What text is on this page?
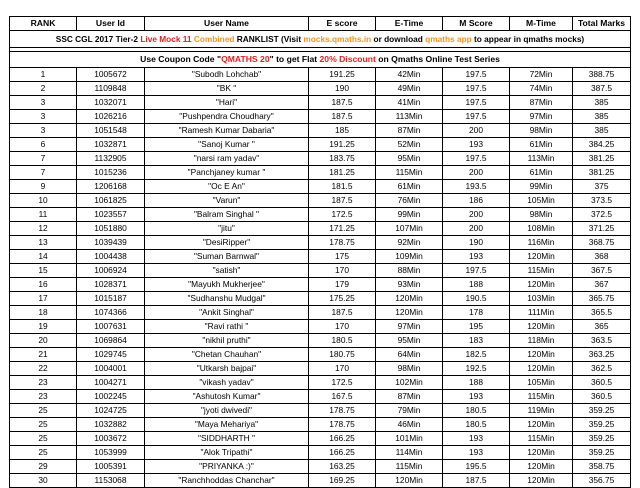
RANK	User Id	User Name	E score	E-Time	M Score	M-Time	Total Marks
SSC CGL 2017 Tier-2 Live Mock 11 Combined RANKLIST (Visit mocks.qmaths.in or download qmaths app to appear in qmaths mocks)							

Use Coupon Code "QMATHS 20" to get Flat 20% Discount on Qmaths Online Test Series							
1	1005672	"Subodh Lohchab"	191.25	42Min	197.5	72Min	388.75
2	1109848	"BK "	190	49Min	197.5	74Min	387.5
3	1032071	"Hari"	187.5	41Min	197.5	87Min	385
3	1026216	"Pushpendra Choudhary"	187.5	113Min	197.5	97Min	385
3	1051548	"Ramesh Kumar Dabaria"	185	87Min	200	98Min	385
6	1032871	"Sanoj Kumar "	191.25	52Min	193	61Min	384.25
7	1132905	"narsi ram yadav"	183.75	95Min	197.5	113Min	381.25
7	1015236	"Panchjaney kumar "	181.25	115Min	200	61Min	381.25
9	1206168	"Oc E An"	181.5	61Min	193.5	99Min	375
10	1061825	"Varun"	187.5	76Min	186	105Min	373.5
11	1023557	"Balram Singhal "	172.5	99Min	200	98Min	372.5
12	1051880	"jitu"	171.25	107Min	200	108Min	371.25
13	1039439	"DesiRipper"	178.75	92Min	190	116Min	368.75
14	1004438	"Suman Barnwal"	175	109Min	193	120Min	368
15	1006924	"satish"	170	88Min	197.5	115Min	367.5
16	1028371	"Mayukh Mukherjee"	179	93Min	188	120Min	367
17	1015187	"Sudhanshu Mudgal"	175.25	120Min	190.5	103Min	365.75
18	1074366	"Ankit Singhal"	187.5	120Min	178	111Min	365.5
19	1007631	"Ravi rathi "	170	97Min	195	120Min	365
20	1069864	"nikhil pruthi"	180.5	95Min	183	118Min	363.5
21	1029745	"Chetan Chauhan"	180.75	64Min	182.5	120Min	363.25
22	1004001	"Utkarsh bajpai"	170	98Min	192.5	120Min	362.5
23	1004271	"vikash yadav"	172.5	102Min	188	105Min	360.5
23	1002245	"Ashutosh Kumar"	167.5	87Min	193	115Min	360.5
25	1024725	"jyoti dwivedi"	178.75	79Min	180.5	119Min	359.25
25	1032882	"Maya Mehariya"	178.75	46Min	180.5	120Min	359.25
25	1003672	"SIDDHARTH "	166.25	101Min	193	115Min	359.25
25	1053999	"Alok Tripathi"	166.25	114Min	193	120Min	359.25
29	1005391	"PRIYANKA :)"	163.25	115Min	195.5	120Min	358.75
30	1153068	"Ranchhoddas Chanchar"	169.25	120Min	187.5	120Min	356.75
